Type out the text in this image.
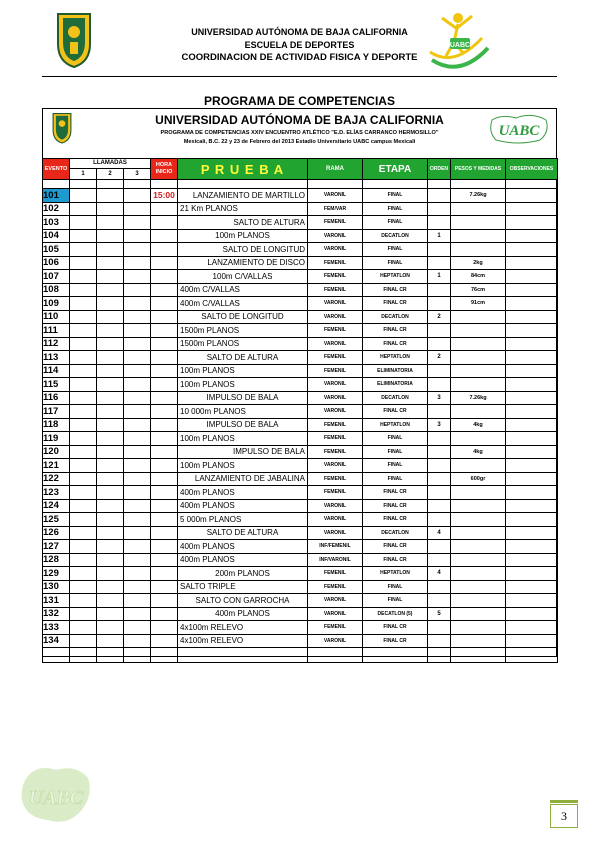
UNIVERSIDAD AUTÓNOMA DE BAJA CALIFORNIA
ESCUELA DE DEPORTES
COORDINACION DE ACTIVIDAD FISICA Y DEPORTE
UABC
PROGRAMA DE COMPETENCIAS
UNIVERSIDAD AUTÓNOMA DE BAJA CALIFORNIA
PROGRAMA DE COMPETENCIAS XXIV ENCUENTRO ATLÉTICO "E.D. ELÍAS CARRANCO HERMOSILLO"
Mexicali, B.C. 22 y 23 de Febrero del 2013 Estadio Universitario UABC campus Mexicali
UABC
EVENTO	LLAMADAS
1 2 3			HORA INICIO	P R U E B A	RAMA	ETAPA	ORDEN	PESOS Y MEDIDAS	OBSERVACIONES

101				15:00	LANZAMIENTO DE MARTILLO	VARONIL	FINAL		7.26kg	
102					21 Km PLANOS	FEM/VAR	FINAL			
103					SALTO DE ALTURA	FEMENIL	FINAL			
104					100m PLANOS	VARONIL	DECATLON	1		
105					SALTO DE LONGITUD	VARONIL	FINAL			
106					LANZAMIENTO DE DISCO	FEMENIL	FINAL		2kg	
107					100m C/VALLAS	FEMENIL	HEPTATLON	1	84cm	
108					400m C/VALLAS	FEMENIL	FINAL CR		76cm	
109					400m C/VALLAS	VARONIL	FINAL CR		91cm	
110					SALTO DE LONGITUD	VARONIL	DECATLON	2		
111					1500m PLANOS	FEMENIL	FINAL CR			
112					1500m PLANOS	VARONIL	FINAL CR			
113					SALTO DE ALTURA	FEMENIL	HEPTATLON	2		
114					100m PLANOS	FEMENIL	ELIMINATORIA			
115					100m PLANOS	VARONIL	ELIMINATORIA			
116					IMPULSO DE BALA	VARONIL	DECATLON	3	7.26kg	
117					10 000m PLANOS	VARONIL	FINAL CR			
118					IMPULSO DE BALA	FEMENIL	HEPTATLON	3	4kg	
119					100m PLANOS	FEMENIL	FINAL			
120					IMPULSO DE BALA	FEMENIL	FINAL		4kg	
121					100m PLANOS	VARONIL	FINAL			
122					LANZAMIENTO DE JABALINA	FEMENIL	FINAL		600gr	
123					400m PLANOS	FEMENIL	FINAL CR			
124					400m PLANOS	VARONIL	FINAL CR			
125					5 000m PLANOS	VARONIL	FINAL CR			
126					SALTO DE ALTURA	VARONIL	DECATLON	4		
127					400m PLANOS	INF/FEMENIL	FINAL CR			
128					400m PLANOS	INF/VARONIL	FINAL CR			
129					200m PLANOS	FEMENIL	HEPTATLON	4		
130					SALTO TRIPLE	FEMENIL	FINAL			
131					SALTO CON GARROCHA	VARONIL	FINAL			
132					400m PLANOS	VARONIL	DECATLON (5)	5		
133					4x100m RELEVO	FEMENIL	FINAL CR			
134					4x100m RELEVO	VARONIL	FINAL CR			

UABC
3
